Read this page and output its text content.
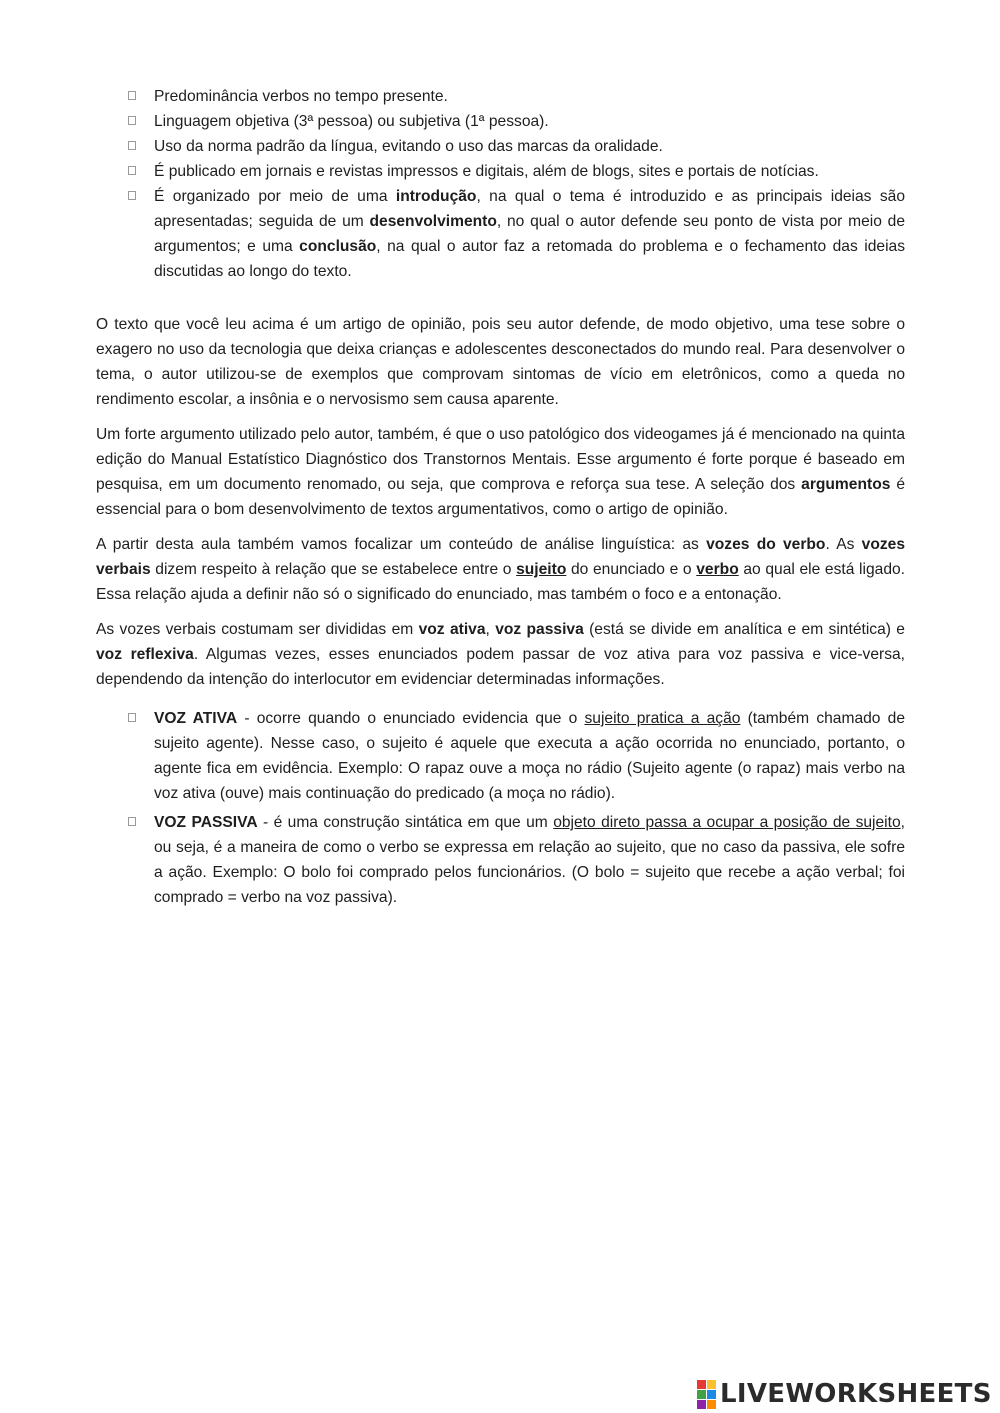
Predominância verbos no tempo presente.
Linguagem objetiva (3ª pessoa) ou subjetiva (1ª pessoa).
Uso da norma padrão da língua, evitando o uso das marcas da oralidade.
É publicado em jornais e revistas impressos e digitais, além de blogs, sites e portais de notícias.
É organizado por meio de uma introdução, na qual o tema é introduzido e as principais ideias são apresentadas; seguida de um desenvolvimento, no qual o autor defende seu ponto de vista por meio de argumentos; e uma conclusão, na qual o autor faz a retomada do problema e o fechamento das ideias discutidas ao longo do texto.

O texto que você leu acima é um artigo de opinião, pois seu autor defende, de modo objetivo, uma tese sobre o exagero no uso da tecnologia que deixa crianças e adolescentes desconectados do mundo real. Para desenvolver o tema, o autor utilizou-se de exemplos que comprovam sintomas de vício em eletrônicos, como a queda no rendimento escolar, a insônia e o nervosismo sem causa aparente.

Um forte argumento utilizado pelo autor, também, é que o uso patológico dos videogames já é mencionado na quinta edição do Manual Estatístico Diagnóstico dos Transtornos Mentais. Esse argumento é forte porque é baseado em pesquisa, em um documento renomado, ou seja, que comprova e reforça sua tese. A seleção dos argumentos é essencial para o bom desenvolvimento de textos argumentativos, como o artigo de opinião.

A partir desta aula também vamos focalizar um conteúdo de análise linguística: as vozes do verbo. As vozes verbais dizem respeito à relação que se estabelece entre o sujeito do enunciado e o verbo ao qual ele está ligado. Essa relação ajuda a definir não só o significado do enunciado, mas também o foco e a entonação.

As vozes verbais costumam ser divididas em voz ativa, voz passiva (está se divide em analítica e em sintética) e voz reflexiva. Algumas vezes, esses enunciados podem passar de voz ativa para voz passiva e vice-versa, dependendo da intenção do interlocutor em evidenciar determinadas informações.

VOZ ATIVA - ocorre quando o enunciado evidencia que o sujeito pratica a ação (também chamado de sujeito agente). Nesse caso, o sujeito é aquele que executa a ação ocorrida no enunciado, portanto, o agente fica em evidência. Exemplo: O rapaz ouve a moça no rádio (Sujeito agente (o rapaz) mais verbo na voz ativa (ouve) mais continuação do predicado (a moça no rádio).
VOZ PASSIVA - é uma construção sintática em que um objeto direto passa a ocupar a posição de sujeito, ou seja, é a maneira de como o verbo se expressa em relação ao sujeito, que no caso da passiva, ele sofre a ação. Exemplo: O bolo foi comprado pelos funcionários. (O bolo = sujeito que recebe a ação verbal; foi comprado = verbo na voz passiva).
LIVEWORKSHEETS
